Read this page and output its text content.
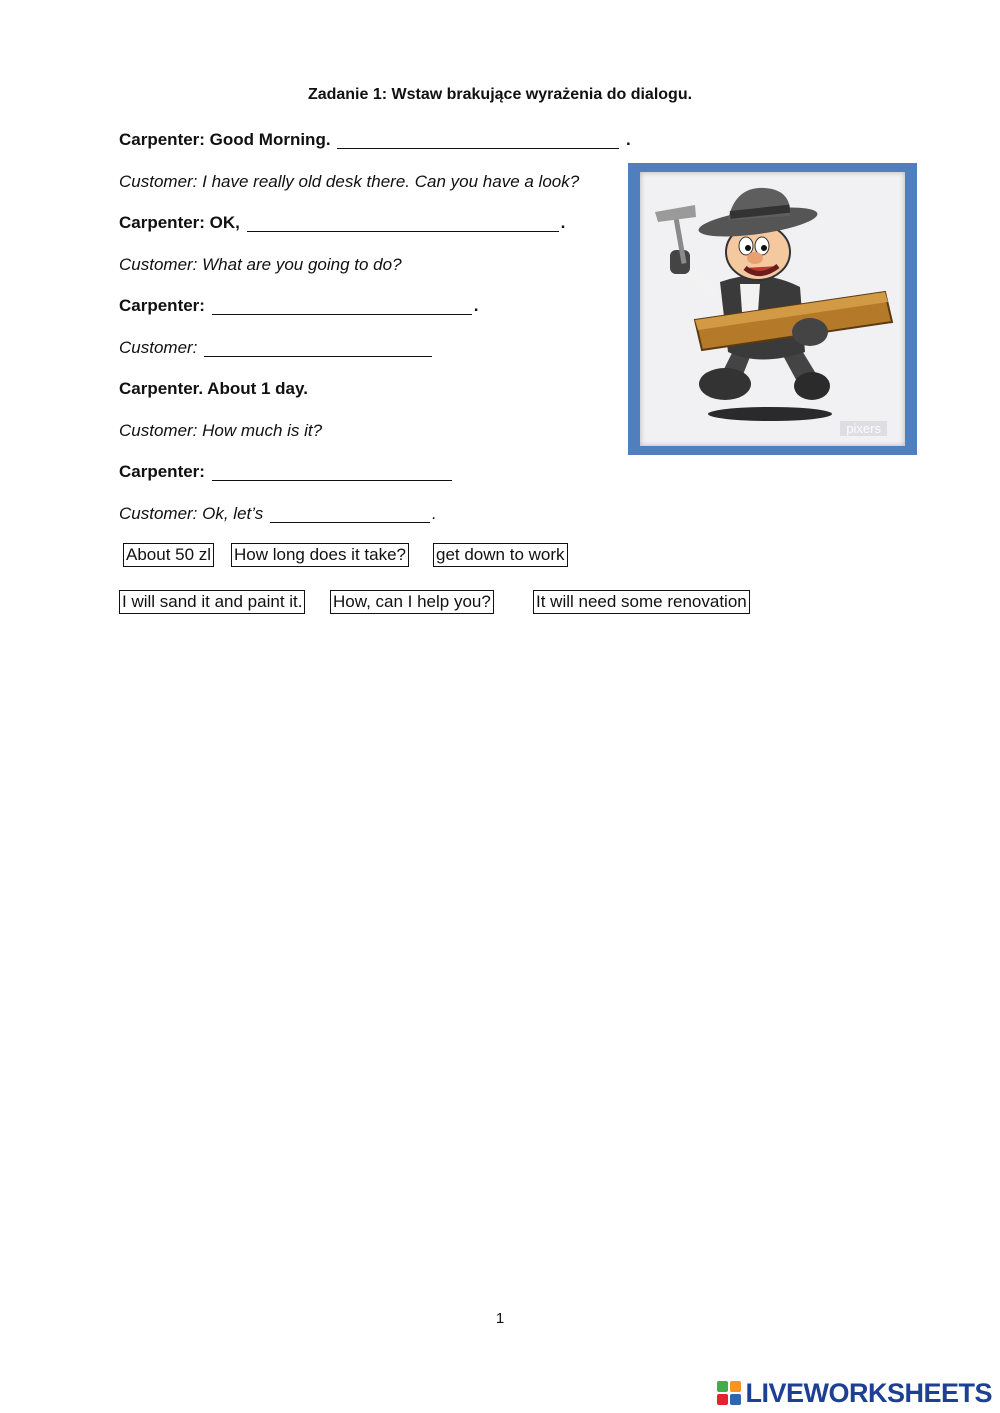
Zadanie 1: Wstaw brakujące wyrażenia do dialogu.
Carpenter: Good Morning.	.
Customer: I have really old desk there. Can you have a look?
Carpenter: OK,	.
Customer: What are you going to do?
Carpenter:	.
Customer:
Carpenter. About 1 day.
Customer: How much is it?
Carpenter:
Customer: Ok, let’s	.
About 50 zl How long does it take? get down to work
I will sand it and paint it. How, can I help you?	It will need some renovation
pixers
1
LIVEWORKSHEETS
